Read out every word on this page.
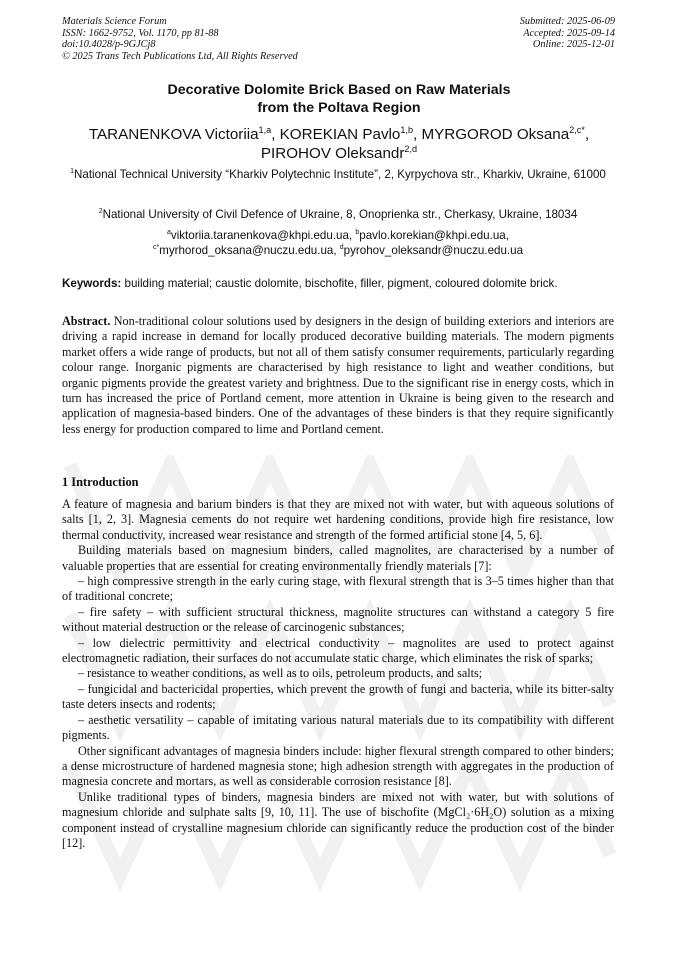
Materials Science Forum
ISSN: 1662-9752, Vol. 1170, pp 81-88
doi:10.4028/p-9GJCj8
© 2025 Trans Tech Publications Ltd, All Rights Reserved
Submitted: 2025-06-09
Accepted: 2025-09-14
Online: 2025-12-01
Decorative Dolomite Brick Based on Raw Materials
from the Poltava Region
TARANENKOVA Victoriia$^{1,a}$, KOREKIAN Pavlo$^{1,b}$, MYRGOROD Oksana$^{2,c*}$,
PIROHOV Oleksandr$^{2,d}$
$^1$National Technical University “Kharkiv Polytechnic Institute”, 2, Kyrpychova str., Kharkiv, Ukraine, 61000
$^2$National University of Civil Defence of Ukraine, 8, Onoprienka str., Cherkasy, Ukraine, 18034
$^a$viktoriia.taranenkova@khpi.edu.ua, $^b$pavlo.korekian@khpi.edu.ua,
$^{c*}$myrhorod_oksana@nuczu.edu.ua, $^d$pyrohov_oleksandr@nuczu.edu.ua
Keywords: building material; caustic dolomite, bischofite, filler, pigment, coloured dolomite brick.
Abstract. Non-traditional colour solutions used by designers in the design of building exteriors and interiors are driving a rapid increase in demand for locally produced decorative building materials. The modern pigments market offers a wide range of products, but not all of them satisfy consumer requirements, particularly regarding colour range. Inorganic pigments are characterised by high resistance to light and weather conditions, but organic pigments provide the greatest variety and brightness. Due to the significant rise in energy costs, which in turn has increased the price of Portland cement, more attention in Ukraine is being given to the research and application of magnesia-based binders. One of the advantages of these binders is that they require significantly less energy for production compared to lime and Portland cement.
1 Introduction

A feature of magnesia and barium binders is that they are mixed not with water, but with aqueous solutions of salts [1, 2, 3]. Magnesia cements do not require wet hardening conditions, provide high fire resistance, low thermal conductivity, increased wear resistance and strength of the formed artificial stone [4, 5, 6].

Building materials based on magnesium binders, called magnolites, are characterised by a number of valuable properties that are essential for creating environmentally friendly materials [7]:

– high compressive strength in the early curing stage, with flexural strength that is 3–5 times higher than that of traditional concrete;

– fire safety – with sufficient structural thickness, magnolite structures can withstand a category 5 fire without material destruction or the release of carcinogenic substances;

– low dielectric permittivity and electrical conductivity – magnolites are used to protect against electromagnetic radiation, their surfaces do not accumulate static charge, which eliminates the risk of sparks;

– resistance to weather conditions, as well as to oils, petroleum products, and salts;

– fungicidal and bactericidal properties, which prevent the growth of fungi and bacteria, while its bitter-salty taste deters insects and rodents;

– aesthetic versatility – capable of imitating various natural materials due to its compatibility with different pigments.

Other significant advantages of magnesia binders include: higher flexural strength compared to other binders; a dense microstructure of hardened magnesia stone; high adhesion strength with aggregates in the production of magnesia concrete and mortars, as well as considerable corrosion resistance [8].

Unlike traditional types of binders, magnesia binders are mixed not with water, but with solutions of magnesium chloride and sulphate salts [9, 10, 11]. The use of bischofite (MgCl₂·6H₂O) solution as a mixing component instead of crystalline magnesium chloride can significantly reduce the production cost of the binder [12].
